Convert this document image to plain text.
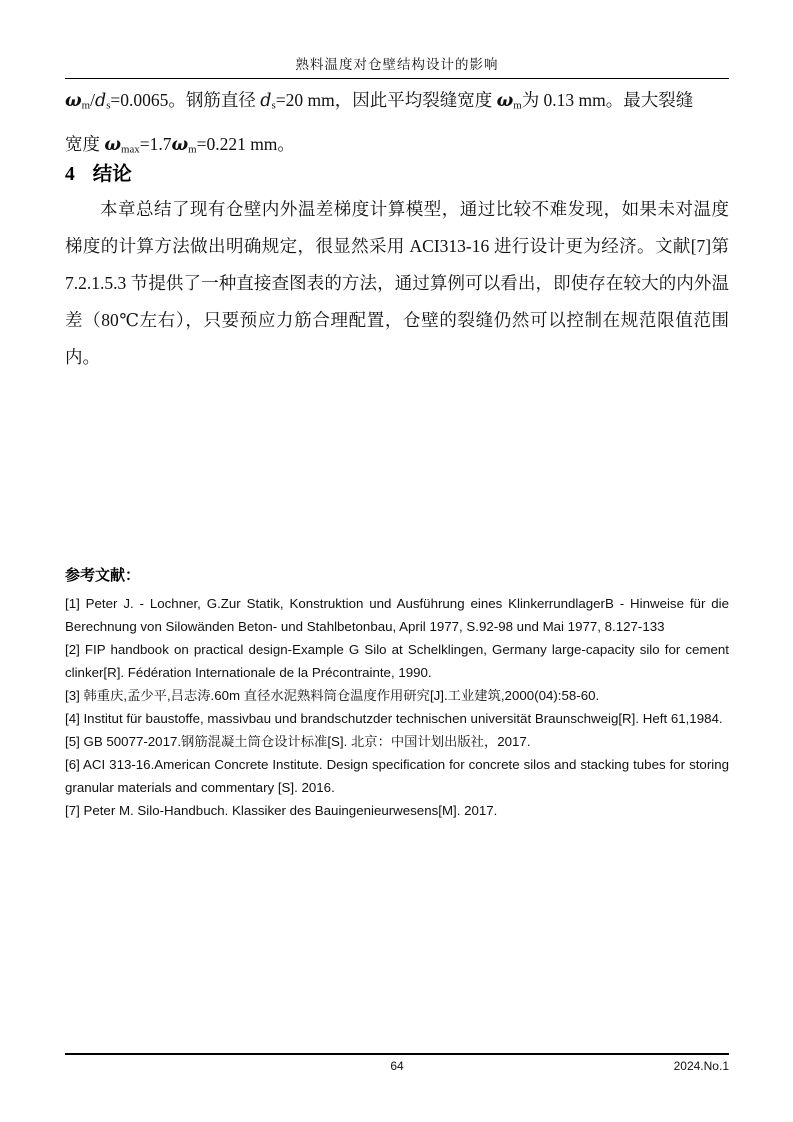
熟料温度对仓壁结构设计的影响

ωm/ds=0.0065。钢筋直径 ds=20 mm，因此平均裂缝宽度 ωm为 0.13 mm。最大裂缝
宽度 ωmax=1.7ωm=0.221 mm。

4 结论

本章总结了现有仓壁内外温差梯度计算模型，通过比较不难发现，如果未对温度梯度的计算方法做出明确规定，很显然采用 ACI313-16 进行设计更为经济。文献[7]第 7.2.1.5.3 节提供了一种直接查图表的方法，通过算例可以看出，即使存在较大的内外温差（80℃左右），只要预应力筋合理配置，仓壁的裂缝仍然可以控制在规范限值范围内。

参考文献：

[1] Peter J. - Lochner, G.Zur Statik, Konstruktion und Ausführung eines KlinkerrundlagerB - Hinweise für die Berechnung von Silowänden Beton- und Stahlbetonbau, April 1977, S.92-98 und Mai 1977, 8.127-133

[2] FIP handbook on practical design-Example G Silo at Schelklingen, Germany large-capacity silo for cement clinker[R]. Fédération Internationale de la Précontrainte, 1990.

[3] 韩重庆,孟少平,吕志涛.60m 直径水泥熟料筒仓温度作用研究[J].工业建筑,2000(04):58-60.

[4] Institut für baustoffe, massivbau und brandschutzder technischen universität Braunschweig[R]. Heft 61,1984.

[5] GB 50077-2017.钢筋混凝土筒仓设计标准[S]. 北京：中国计划出版社，2017.

[6] ACI 313-16.American Concrete Institute. Design specification for concrete silos and stacking tubes for storing granular materials and commentary [S]. 2016.

[7] Peter M. Silo-Handbuch. Klassiker des Bauingenieurwesens[M]. 2017.

64	2024.No.1
